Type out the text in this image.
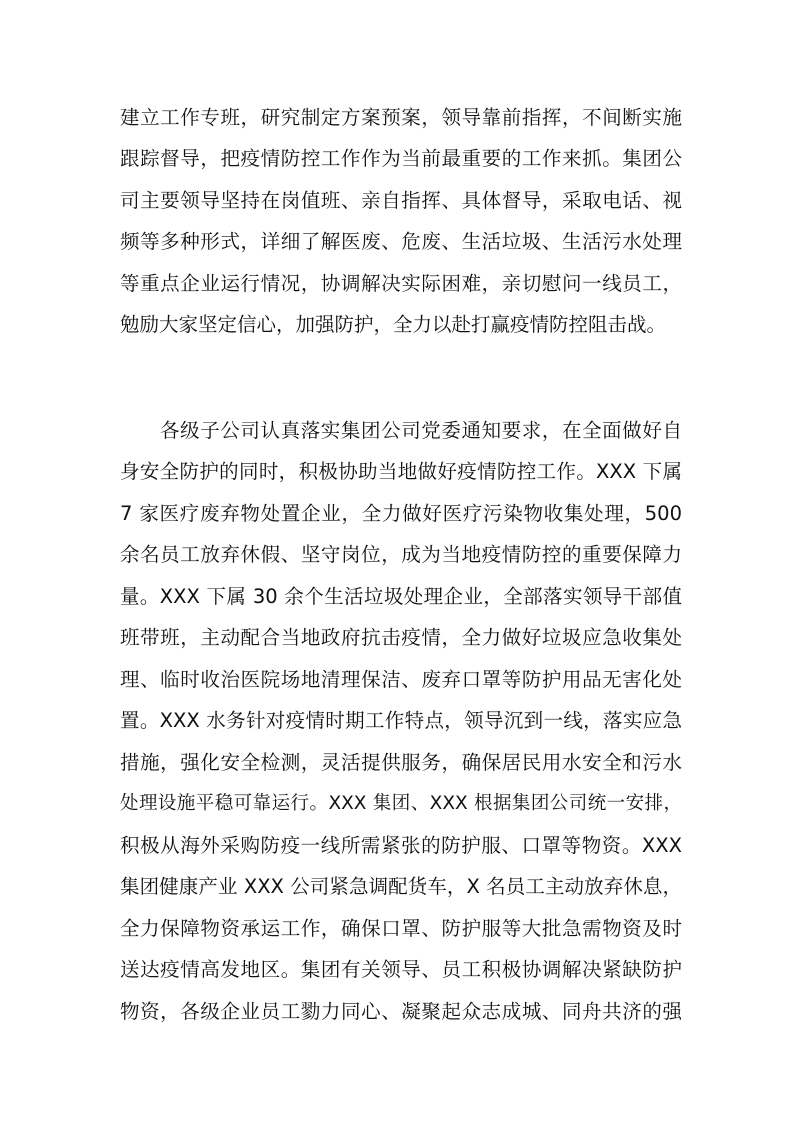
建立工作专班，研究制定方案预案，领导靠前指挥，不间断实施
跟踪督导，把疫情防控工作作为当前最重要的工作来抓。集团公
司主要领导坚持在岗值班、亲自指挥、具体督导，采取电话、视
频等多种形式，详细了解医废、危废、生活垃圾、生活污水处理
等重点企业运行情况，协调解决实际困难，亲切慰问一线员工，
勉励大家坚定信心，加强防护，全力以赴打赢疫情防控阻击战。
各级子公司认真落实集团公司党委通知要求，在全面做好自
身安全防护的同时，积极协助当地做好疫情防控工作。XXX 下属
7 家医疗废弃物处置企业，全力做好医疗污染物收集处理，500
余名员工放弃休假、坚守岗位，成为当地疫情防控的重要保障力
量。XXX 下属 30 余个生活垃圾处理企业，全部落实领导干部值
班带班，主动配合当地政府抗击疫情，全力做好垃圾应急收集处
理、临时收治医院场地清理保洁、废弃口罩等防护用品无害化处
置。XXX 水务针对疫情时期工作特点，领导沉到一线，落实应急
措施，强化安全检测，灵活提供服务，确保居民用水安全和污水
处理设施平稳可靠运行。XXX 集团、XXX 根据集团公司统一安排，
积极从海外采购防疫一线所需紧张的防护服、口罩等物资。XXX
集团健康产业 XXX 公司紧急调配货车，X 名员工主动放弃休息，
全力保障物资承运工作，确保口罩、防护服等大批急需物资及时
送达疫情高发地区。集团有关领导、员工积极协调解决紧缺防护
物资，各级企业员工勠力同心、凝聚起众志成城、同舟共济的强
